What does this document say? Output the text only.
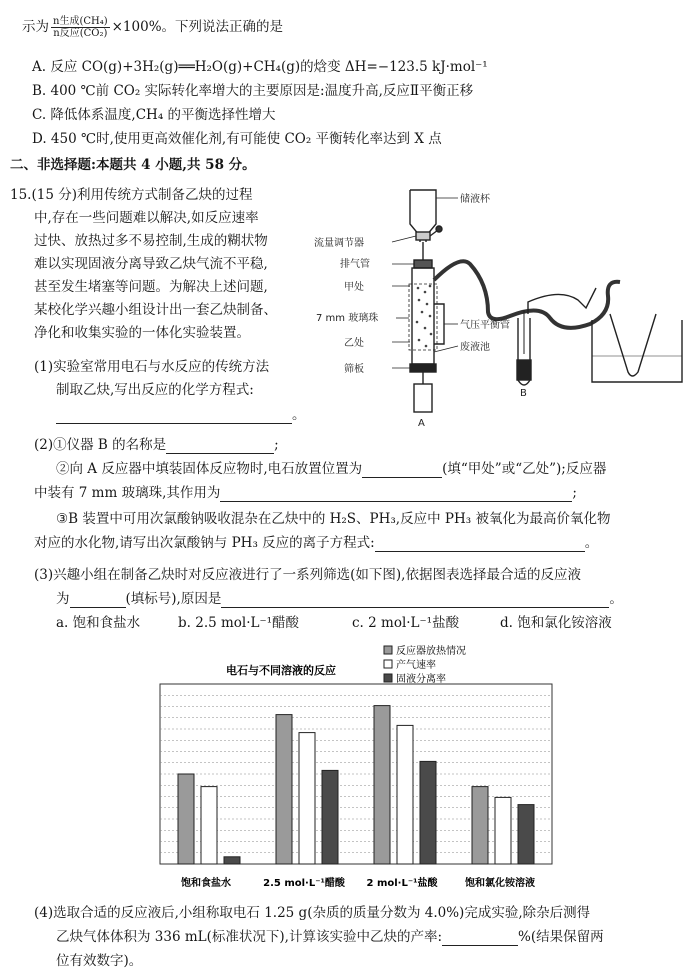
示为 $\frac{\text{n生成(CH₄)}}{\text{n反应(CO₂)}} \times 100\%$。下列说法正确的是
A. 反应 CO(g)+3H₂(g)══H₂O(g)+CH₄(g)的焓变 ΔH=−123.5 kJ·mol⁻¹
B. 400 ℃前 CO₂ 实际转化率增大的主要原因是:温度升高,反应Ⅱ平衡正移
C. 降低体系温度,CH₄ 的平衡选择性增大
D. 450 ℃时,使用更高效催化剂,有可能使 CO₂ 平衡转化率达到 X 点
二、非选择题:本题共 4 小题,共 58 分。
15.(15 分)利用传统方式制备乙炔的过程
中,存在一些问题难以解决,如反应速率
过快、放热过多不易控制,生成的糊状物
难以实现固液分离导致乙炔气流不平稳,
甚至发生堵塞等问题。为解决上述问题,
某校化学兴趣小组设计出一套乙炔制备、
净化和收集实验的一体化实验装置。
(1)实验室常用电石与水反应的传统方法
制取乙炔,写出反应的化学方程式:
。
储液杯
流量调节器
排气管
甲处
7 mm 玻璃珠
气压平衡管
乙处	废液池
筛板
A
B
(2)①仪器 B 的名称是	;
②向 A 反应器中填装固体反应物时,电石放置位置为	(填“甲处”或“乙处”);反应器
中装有 7 mm 玻璃珠,其作用为	;
③B 装置中可用次氯酸钠吸收混杂在乙炔中的 H₂S、PH₃,反应中 PH₃ 被氧化为最高价氧化物
对应的水化物,请写出次氯酸钠与 PH₃ 反应的离子方程式:	。
(3)兴趣小组在制备乙炔时对反应液进行了一系列筛选(如下图),依据图表选择最合适的反应液
为	(填标号),原因是	。
a. 饱和食盐水	b. 2.5 mol·L⁻¹醋酸	c. 2 mol·L⁻¹盐酸	d. 饱和氯化铵溶液
电石与不同溶液的反应
反应器放热情况
产气速率
固液分离率
饱和食盐水	2.5 mol·L⁻¹醋酸 2 mol·L⁻¹盐酸	饱和氯化铵溶液
(4)选取合适的反应液后,小组称取电石 1.25 g(杂质的质量分数为 4.0%)完成实验,除杂后测得
乙炔气体体积为 336 mL(标准状况下),计算该实验中乙炔的产率:	%(结果保留两
位有效数字)。
